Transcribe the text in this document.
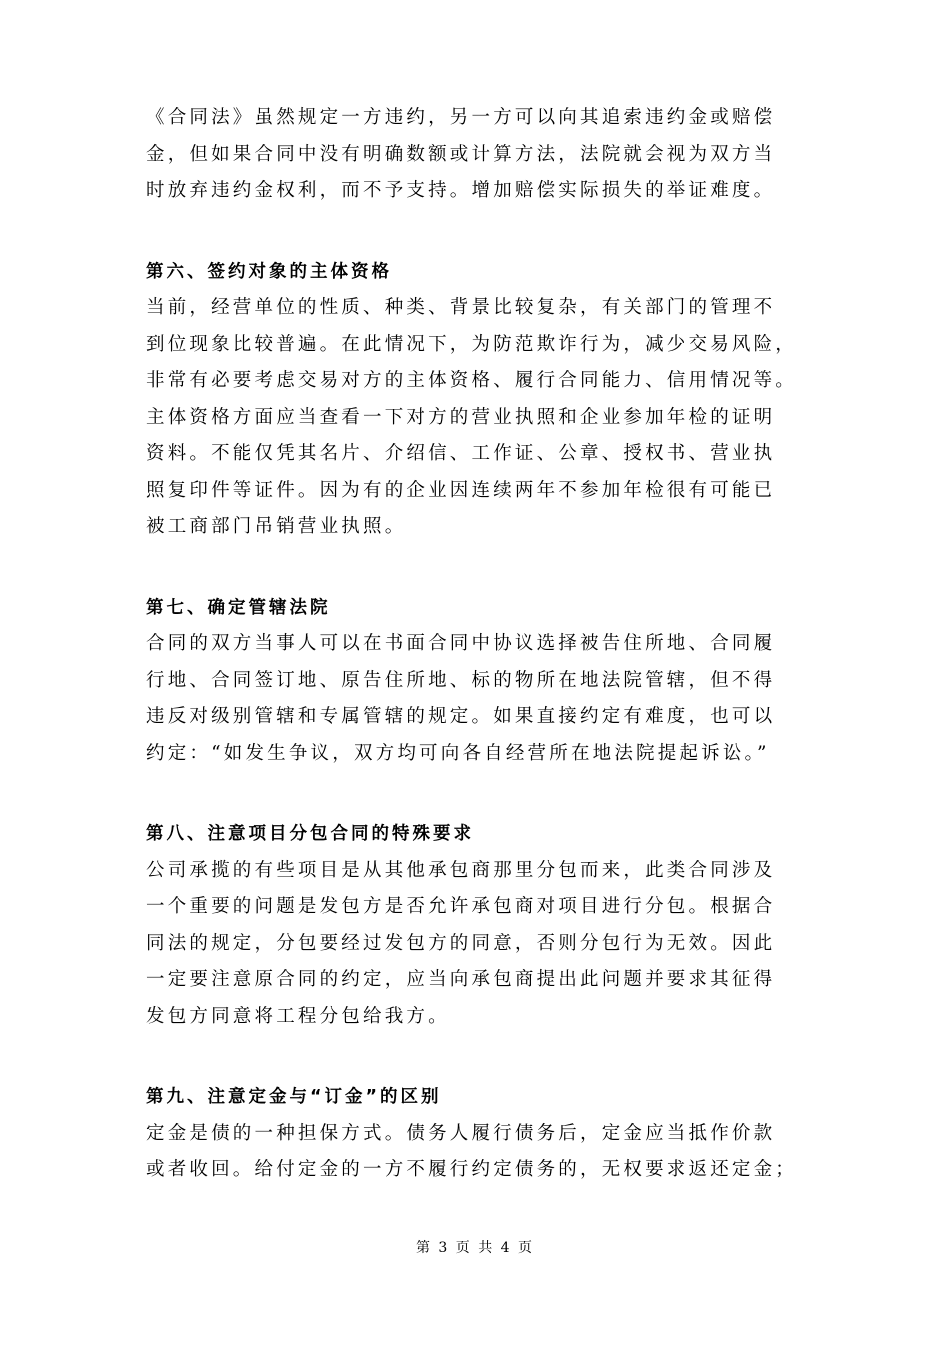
《合同法》虽然规定一方违约，另一方可以向其追索违约金或赔偿
金，但如果合同中没有明确数额或计算方法，法院就会视为双方当
时放弃违约金权利，而不予支持。增加赔偿实际损失的举证难度。

第六、签约对象的主体资格

当前，经营单位的性质、种类、背景比较复杂，有关部门的管理不
到位现象比较普遍。在此情况下，为防范欺诈行为，减少交易风险，
非常有必要考虑交易对方的主体资格、履行合同能力、信用情况等。
主体资格方面应当查看一下对方的营业执照和企业参加年检的证明
资料。不能仅凭其名片、介绍信、工作证、公章、授权书、营业执
照复印件等证件。因为有的企业因连续两年不参加年检很有可能已
被工商部门吊销营业执照。

第七、确定管辖法院

合同的双方当事人可以在书面合同中协议选择被告住所地、合同履
行地、合同签订地、原告住所地、标的物所在地法院管辖，但不得
违反对级别管辖和专属管辖的规定。如果直接约定有难度，也可以
约定：“如发生争议，双方均可向各自经营所在地法院提起诉讼。”

第八、注意项目分包合同的特殊要求

公司承揽的有些项目是从其他承包商那里分包而来，此类合同涉及
一个重要的问题是发包方是否允许承包商对项目进行分包。根据合
同法的规定，分包要经过发包方的同意，否则分包行为无效。因此
一定要注意原合同的约定，应当向承包商提出此问题并要求其征得
发包方同意将工程分包给我方。

第九、注意定金与“订金”的区别

定金是债的一种担保方式。债务人履行债务后，定金应当抵作价款
或者收回。给付定金的一方不履行约定债务的，无权要求返还定金；

第 3 页 共 4 页
